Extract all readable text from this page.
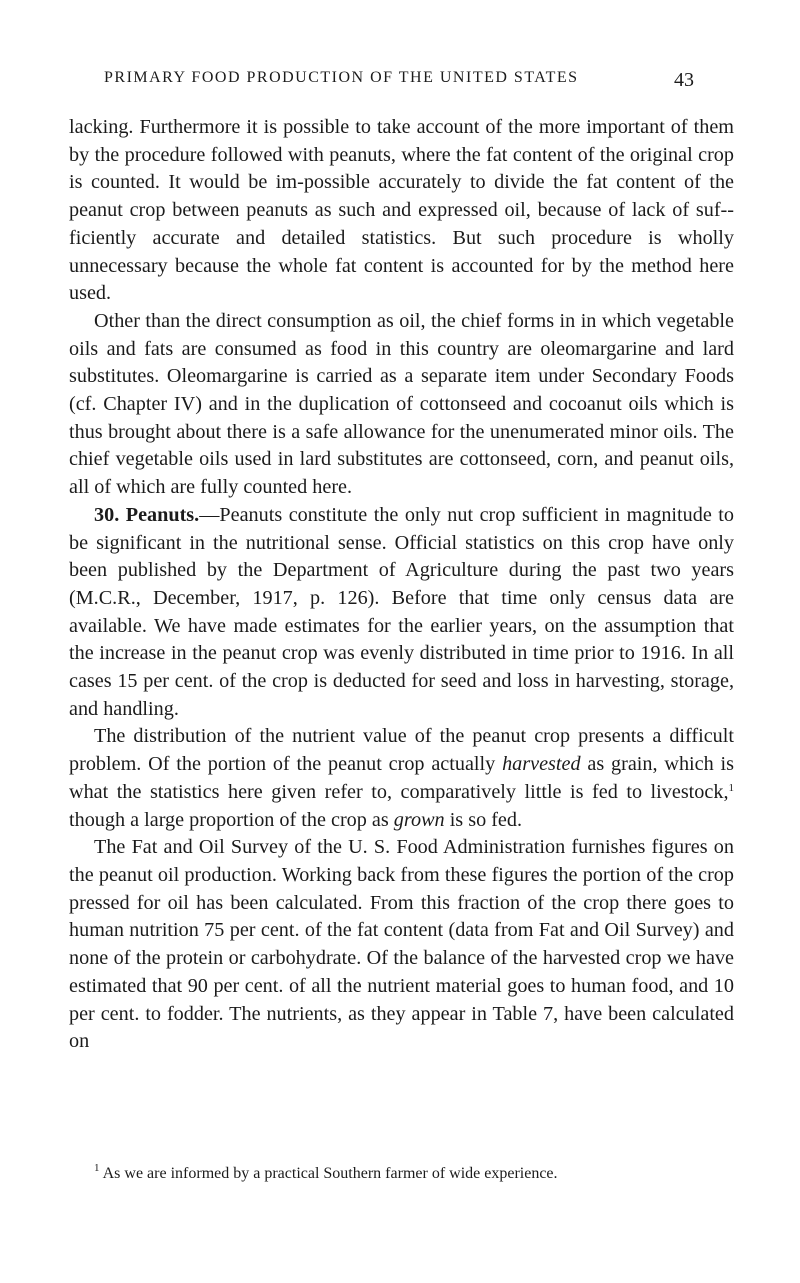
PRIMARY FOOD PRODUCTION OF THE UNITED STATES	43

lacking. Furthermore it is possible to take account of the more important of them by the procedure followed with peanuts, where the fat content of the original crop is counted. It would be im-possible accurately to divide the fat content of the peanut crop between peanuts as such and expressed oil, because of lack of suf-ficiently accurate and detailed statistics. But such procedure is wholly unnecessary because the whole fat content is accounted for by the method here used.

Other than the direct consumption as oil, the chief forms in in which vegetable oils and fats are consumed as food in this country are oleomargarine and lard substitutes. Oleomargarine is carried as a separate item under Secondary Foods (cf. Chapter IV) and in the duplication of cottonseed and cocoanut oils which is thus brought about there is a safe allowance for the unenumerated minor oils. The chief vegetable oils used in lard substitutes are cottonseed, corn, and peanut oils, all of which are fully counted here.

30. Peanuts.—Peanuts constitute the only nut crop sufficient in magnitude to be significant in the nutritional sense. Official statistics on this crop have only been published by the Department of Agriculture during the past two years (M.C.R., December, 1917, p. 126). Before that time only census data are available. We have made estimates for the earlier years, on the assumption that the increase in the peanut crop was evenly distributed in time prior to 1916. In all cases 15 per cent. of the crop is deducted for seed and loss in harvesting, storage, and handling.

The distribution of the nutrient value of the peanut crop presents a difficult problem. Of the portion of the peanut crop actually harvested as grain, which is what the statistics here given refer to, comparatively little is fed to livestock,$^1$ though a large proportion of the crop as grown is so fed.

The Fat and Oil Survey of the U. S. Food Administration furnishes figures on the peanut oil production. Working back from these figures the portion of the crop pressed for oil has been calculated. From this fraction of the crop there goes to human nutrition 75 per cent. of the fat content (data from Fat and Oil Survey) and none of the protein or carbohydrate. Of the balance of the harvested crop we have estimated that 90 per cent. of all the nutrient material goes to human food, and 10 per cent. to fodder. The nutrients, as they appear in Table 7, have been calculated on

$^1$ As we are informed by a practical Southern farmer of wide experience.
